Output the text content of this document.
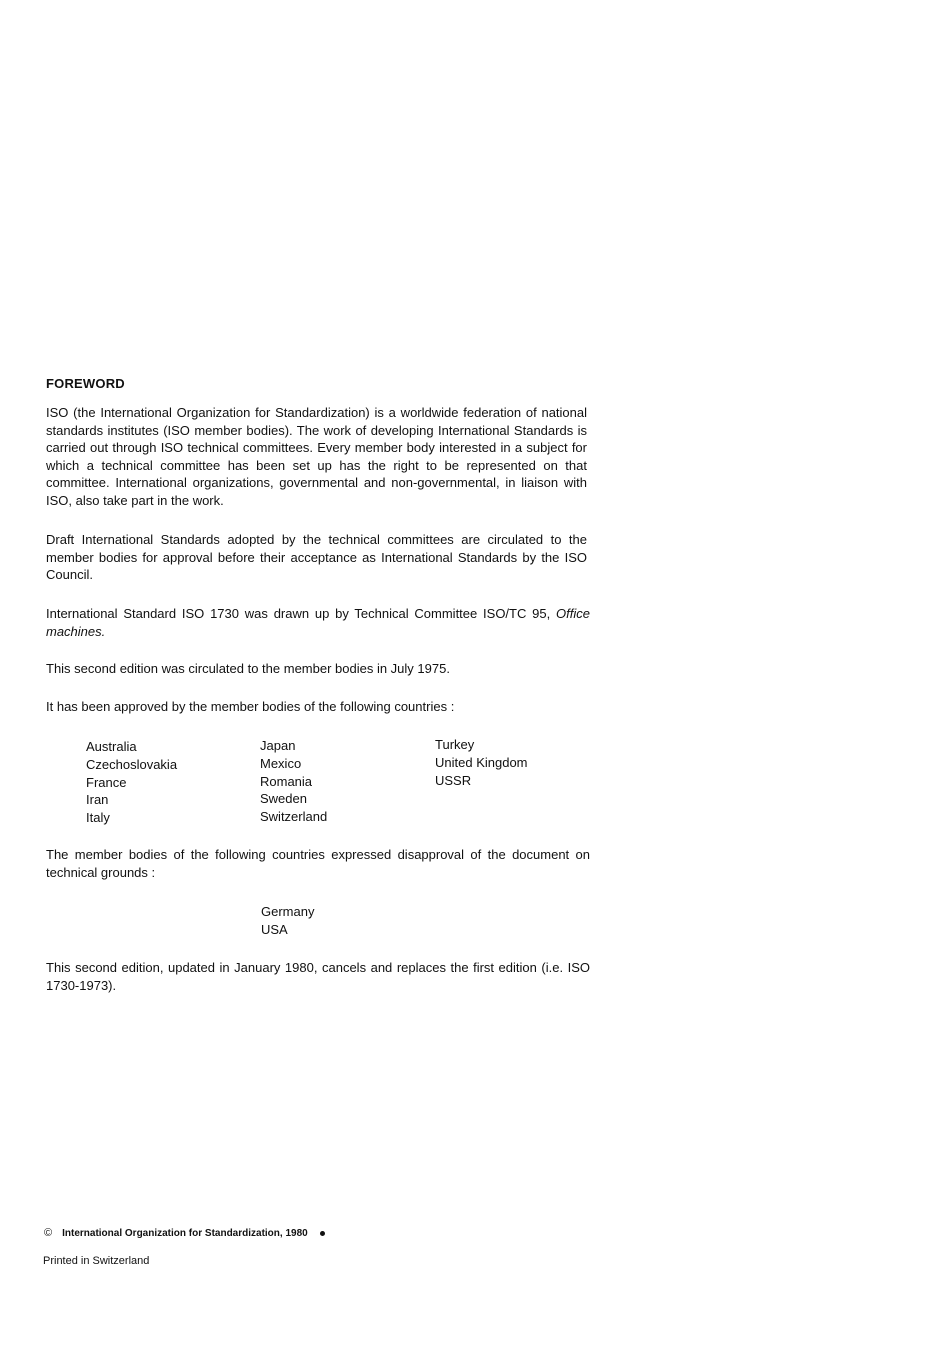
FOREWORD

ISO (the International Organization for Standardization) is a worldwide federation of national standards institutes (ISO member bodies). The work of developing International Standards is carried out through ISO technical committees. Every member body interested in a subject for which a technical committee has been set up has the right to be represented on that committee. International organizations, governmental and non-governmental, in liaison with ISO, also take part in the work.

Draft International Standards adopted by the technical committees are circulated to the member bodies for approval before their acceptance as International Standards by the ISO Council.

International Standard ISO 1730 was drawn up by Technical Committee ISO/TC 95, Office machines.

This second edition was circulated to the member bodies in July 1975.

It has been approved by the member bodies of the following countries :

Australia
Czechoslovakia
France
Iran
Italy
Japan
Mexico
Romania
Sweden
Switzerland
Turkey
United Kingdom
USSR

The member bodies of the following countries expressed disapproval of the document on technical grounds :

Germany
USA

This second edition, updated in January 1980, cancels and replaces the first edition (i.e. ISO 1730-1973).

© International Organization for Standardization, 1980
Printed in Switzerland
